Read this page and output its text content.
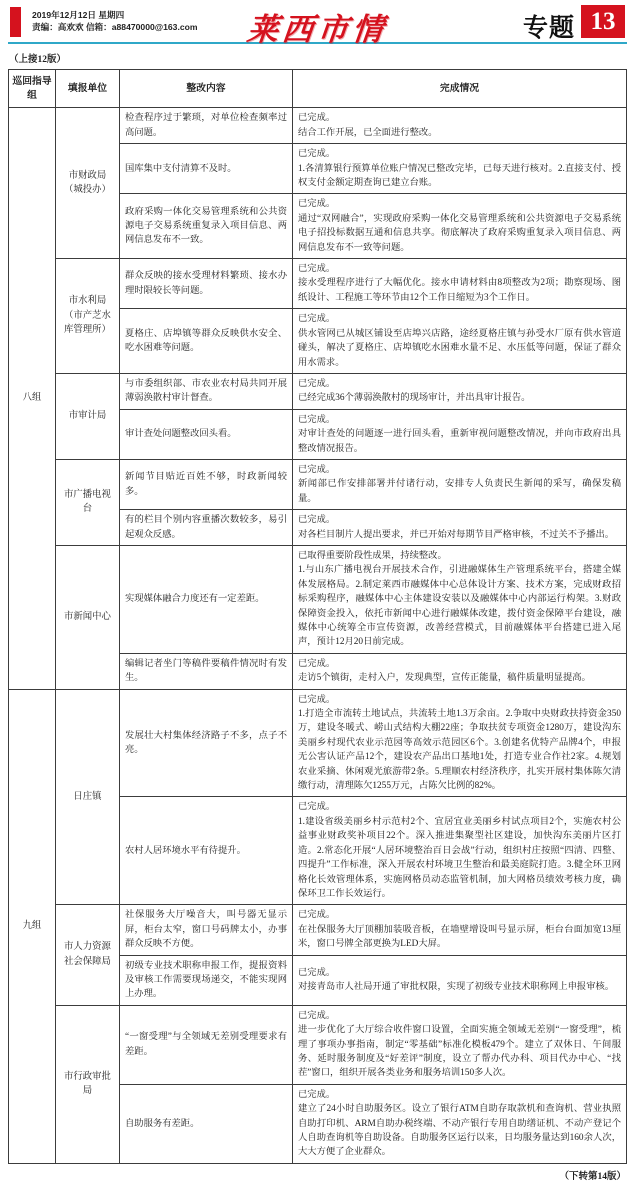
2019年12月12日 星期四
责编：高欢欢 信箱：a88470000@163.com	莱西市情	专题 13
（上接12版）
巡回指导组	填报单位	整改内容	完成情况
八组	市财政局（城投办）	检查程序过于繁琐，对单位检查频率过高问题。	已完成。
结合工作开展，已全面进行整改。

		国库集中支付清算不及时。	已完成。
1.各清算银行预算单位账户情况已整改完毕，已每天进行核对。2.直接支付、授权支付金额定期查询已建立台账。

		政府采购一体化交易管理系统和公共资源电子交易系统重复录入项目信息、两网信息发布不一致。	已完成。
通过“双网融合”，实现政府采购一体化交易管理系统和公共资源电子交易系统电子招投标数据互通和信息共享。彻底解决了政府采购重复录入项目信息、两网信息发布不一致等问题。

	市水利局（市产芝水库管理所）	群众反映的接水受理材料繁琐、接水办理时限较长等问题。	已完成。
接水受理程序进行了大幅优化。接水申请材料由8项整改为2项；勘察现场、图纸设计、工程施工等环节由12个工作日缩短为3个工作日。

		夏格庄、店埠镇等群众反映供水安全、吃水困难等问题。	已完成。
供水管网已从城区铺设至店埠兴店路，途经夏格庄镇与孙受水厂原有供水管道碰头，解决了夏格庄、店埠镇吃水困难水量不足、水压低等问题，保证了群众用水需求。

	市审计局	与市委组织部、市农业农村局共同开展薄弱涣散村审计督查。	已完成。
已经完成36个薄弱涣散村的现场审计，并出具审计报告。

		审计查处问题整改回头看。	已完成。
对审计查处的问题逐一进行回头看，重新审视问题整改情况，并向市政府出具整改情况报告。

	市广播电视台	新闻节目贴近百姓不够，时政新闻较多。	已完成。
新闻部已作安排部署并付诸行动，安排专人负责民生新闻的采写，确保发稿量。

		有的栏目个别内容重播次数较多，易引起观众反感。	已完成。
对各栏目制片人提出要求，并已开始对每期节目严格审核，不过关不予播出。

	市新闻中心	实现媒体融合力度还有一定差距。	已取得重要阶段性成果，持续整改。
1.与山东广播电视台开展技术合作，引进融媒体生产管理系统平台，搭建全媒体发展格局。2.制定莱西市融媒体中心总体设计方案、技术方案，完成财政招标采购程序，融媒体中心主体建设安装以及融媒体中心内部运行构架。3.财政保障资金投入，依托市新闻中心进行融媒体改建，拨付资金保障平台建设，融媒体中心统筹全市宣传资源，改善经营模式，目前融媒体平台搭建已进入尾声，预计12月20日前完成。

		编辑记者坐门等稿件要稿件情况时有发生。	已完成。
走访5个镇街，走村入户，发现典型，宣传正能量，稿件质量明显提高。

九组	日庄镇	发展壮大村集体经济路子不多，点子不亮。	已完成。
1.打造全市流转土地试点，共流转土地1.3万余亩。2.争取中央财政扶持资金350万，建设冬暖式、崂山式结构大棚22座；争取扶贫专项资金1280万，建设沟东美丽乡村现代农业示范园等高效示范园区6个。3.创建名优特产品牌4个，申报无公害认证产品12个，建设农产品出口基地1处，打造专业合作社2家。4.规划农业采摘、休闲观光旅游带2条。5.理顺农村经济秩序，扎实开展村集体陈欠清缴行动，清理陈欠1255万元，占陈欠比例的82%。

		农村人居环境水平有待提升。	已完成。
1.建设省级美丽乡村示范村2个、宜居宜业美丽乡村试点项目2个，实施农村公益事业财政奖补项目22个。深入推进集聚型社区建设，加快沟东美丽片区打造。2.常态化开展“人居环境整治百日会战”行动，组织村庄按照“四清、四整、四提升”工作标准，深入开展农村环境卫生整治和最美庭院打造。3.健全环卫网格化长效管理体系，实施网格员动态监管机制，加大网格员绩效考核力度，确保环卫工作长效运行。

	市人力资源社会保障局	社保服务大厅噪音大，叫号器无显示屏，柜台太窄，窗口号码牌太小，办事群众反映不方便。	已完成。
在社保服务大厅顶棚加装吸音板，在墙壁增设叫号显示屏，柜台台面加宽13厘米，窗口号牌全部更换为LED大屏。

		初级专业技术职称申报工作，提报资料及审核工作需要现场递交，不能实现网上办理。	已完成。
对接青岛市人社局开通了审批权限，实现了初级专业技术职称网上申报审核。

	市行政审批局	“一窗受理”与全领域无差别受理要求有差距。	已完成。
进一步优化了大厅综合收件窗口设置，全面实施全领域无差别“一窗受理”，梳理了事项办事指南，制定“零基础”标准化模板479个。建立了双休日、午间服务、延时服务制度及“好差评”制度，设立了帮办代办科、项目代办中心、“找茬”窗口，组织开展各类业务和服务培训150多人次。

		自助服务有差距。	已完成。
建立了24小时自助服务区。设立了银行ATM自助存取款机和查询机、营业执照自助打印机、ARM自助办税终端、不动产银行专用自助缮证机、不动产登记个人自助查询机等自助设备。自助服务区运行以来，日均服务量达到160余人次，大大方便了企业群众。
（下转第14版）
